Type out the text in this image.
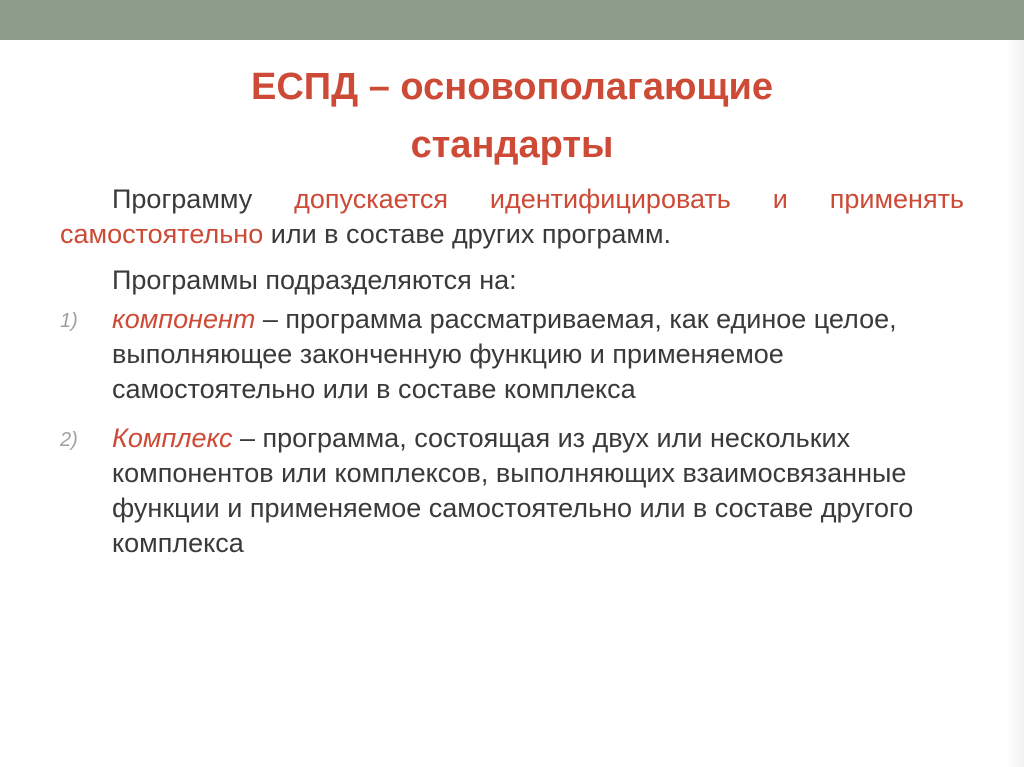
ЕСПД – основополагающие
стандарты

Программу допускается идентифицировать и применять самостоятельно или в составе других программ.

Программы подразделяются на:

1) компонент – программа рассматриваемая, как единое целое, выполняющее законченную функцию и применяемое самостоятельно или в составе комплекса
2) Комплекс – программа, состоящая из двух или нескольких компонентов или комплексов, выполняющих взаимосвязанные функции и применяемое самостоятельно или в составе другого комплекса
